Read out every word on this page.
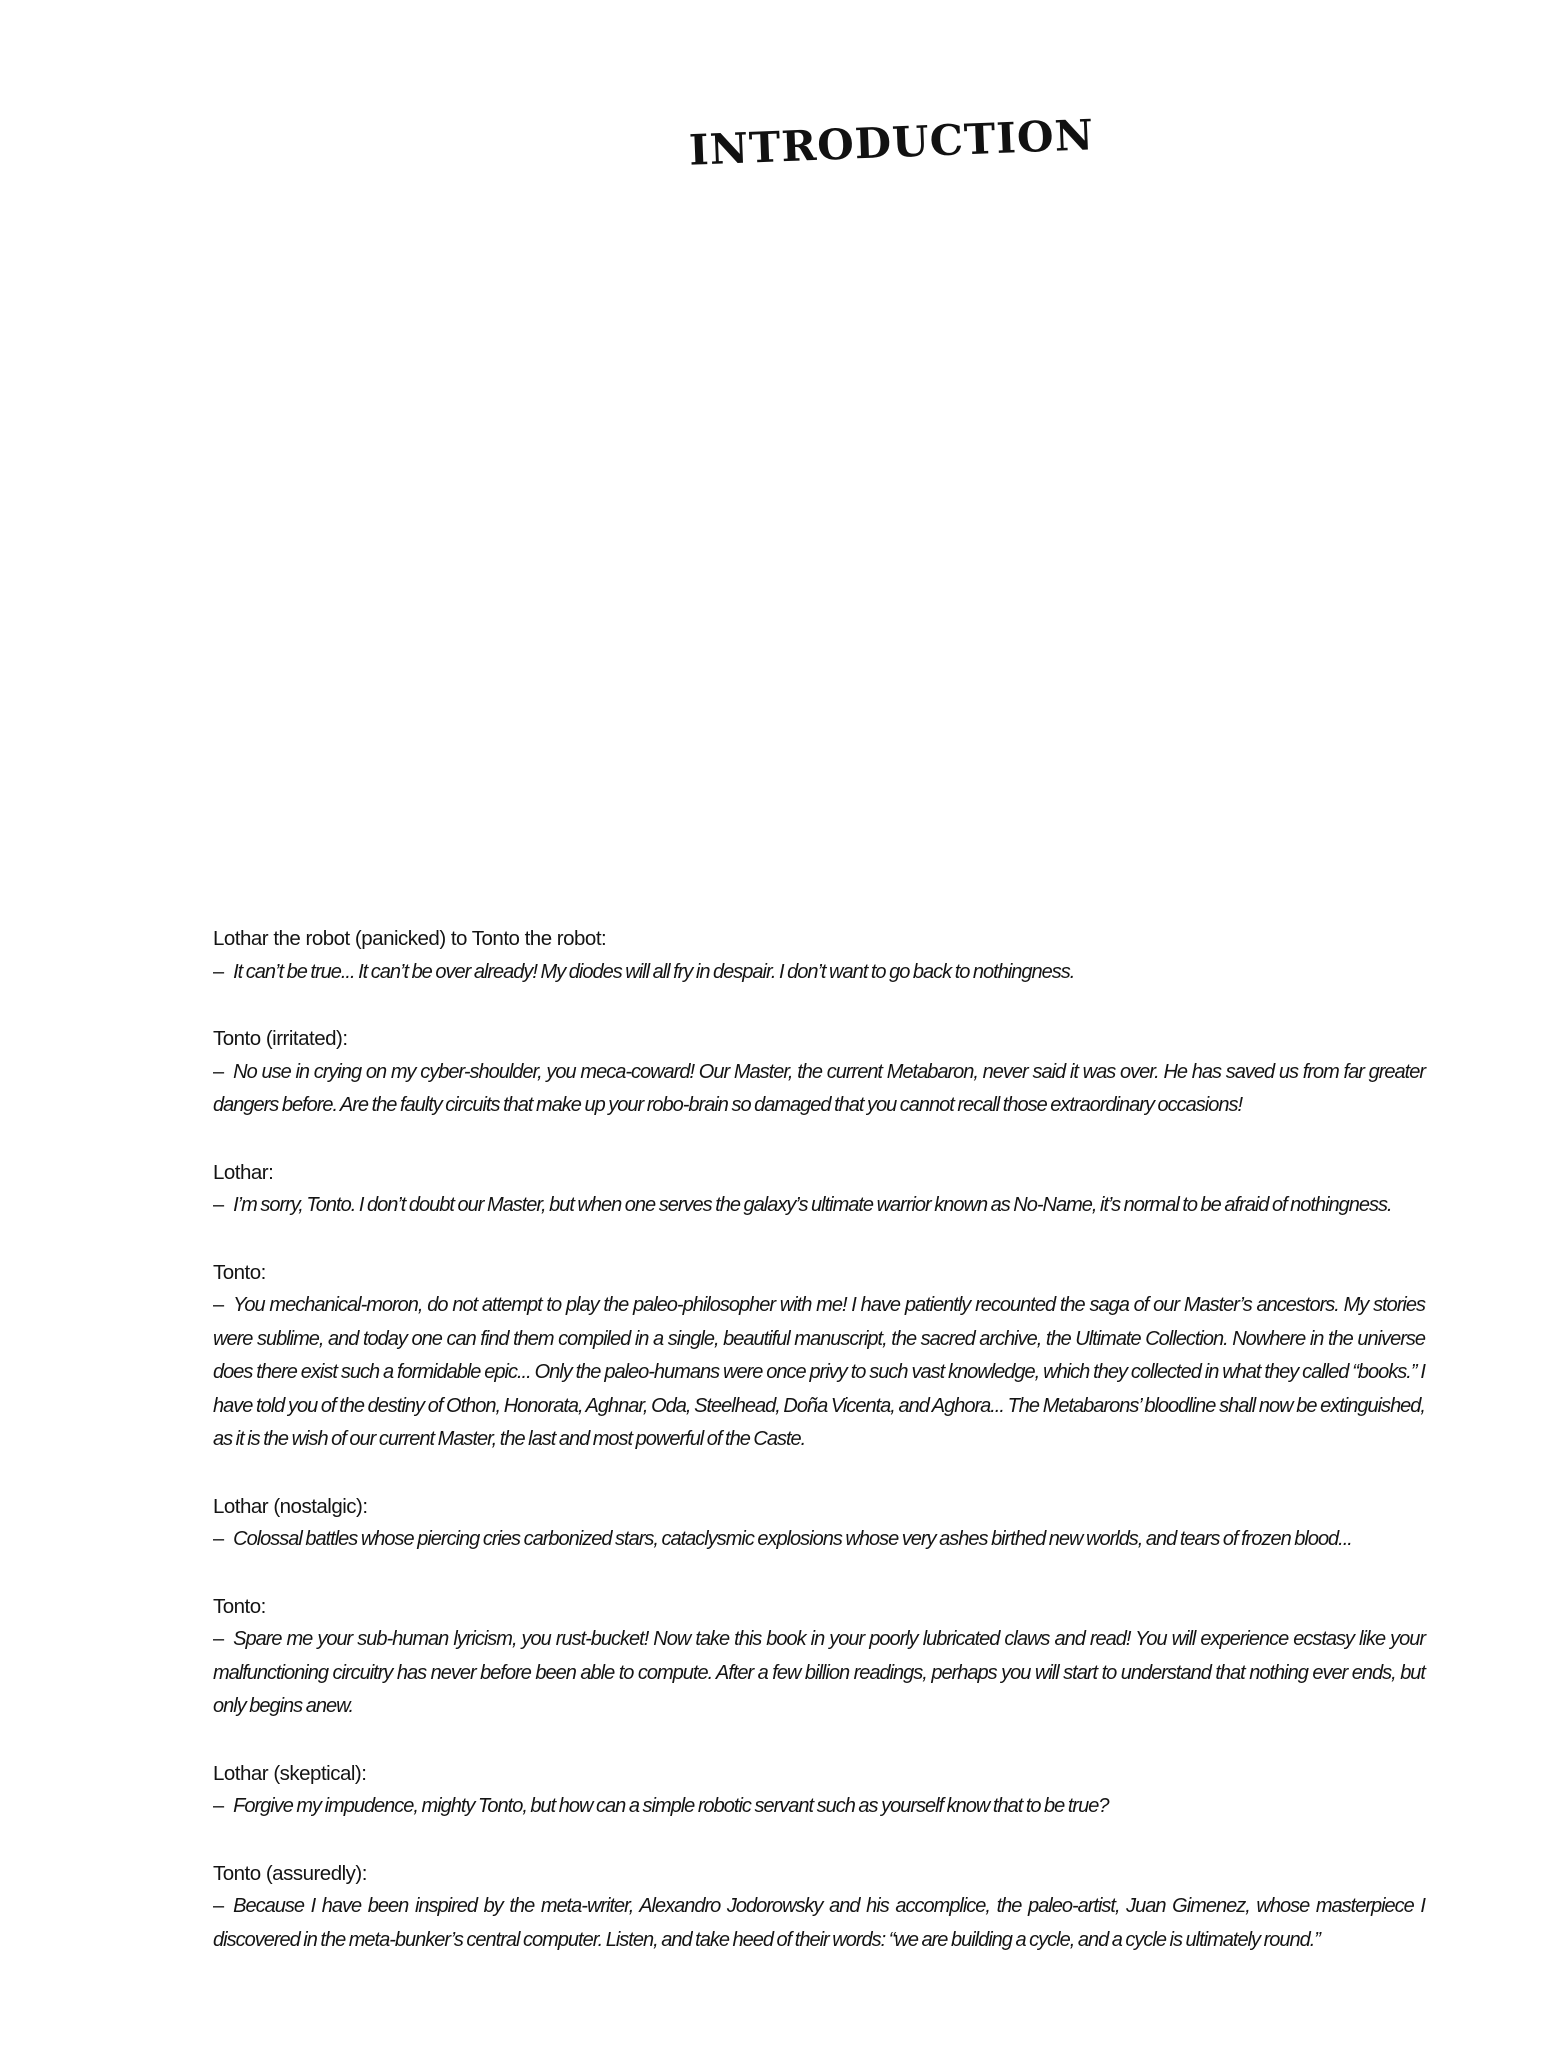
INTRODUCTION
Lothar the robot (panicked) to Tonto the robot:
– It can’t be true... It can’t be over already! My diodes will all fry in despair. I don’t want to go back to nothingness.
Tonto (irritated):
– No use in crying on my cyber-shoulder, you meca-coward! Our Master, the current Metabaron, never said it was over. He has saved us from far greater dangers before. Are the faulty circuits that make up your robo-brain so damaged that you cannot recall those extraordinary occasions!
Lothar:
– I’m sorry, Tonto. I don’t doubt our Master, but when one serves the galaxy’s ultimate warrior known as No-Name, it’s normal to be afraid of nothingness.
Tonto:
– You mechanical-moron, do not attempt to play the paleo-philosopher with me! I have patiently recounted the saga of our Master’s ancestors. My stories were sublime, and today one can find them compiled in a single, beautiful manuscript, the sacred archive, the Ultimate Collection. Nowhere in the universe does there exist such a formidable epic... Only the paleo-humans were once privy to such vast knowledge, which they collected in what they called “books.” I have told you of the destiny of Othon, Honorata, Aghnar, Oda, Steelhead, Doña Vicenta, and Aghora... The Metabarons’ bloodline shall now be extinguished, as it is the wish of our current Master, the last and most powerful of the Caste.
Lothar (nostalgic):
– Colossal battles whose piercing cries carbonized stars, cataclysmic explosions whose very ashes birthed new worlds, and tears of frozen blood...
Tonto:
– Spare me your sub-human lyricism, you rust-bucket! Now take this book in your poorly lubricated claws and read! You will experience ecstasy like your malfunctioning circuitry has never before been able to compute. After a few billion readings, perhaps you will start to understand that nothing ever ends, but only begins anew.
Lothar (skeptical):
– Forgive my impudence, mighty Tonto, but how can a simple robotic servant such as yourself know that to be true?
Tonto (assuredly):
– Because I have been inspired by the meta-writer, Alexandro Jodorowsky and his accomplice, the paleo-artist, Juan Gimenez, whose masterpiece I discovered in the meta-bunker’s central computer. Listen, and take heed of their words: “we are building a cycle, and a cycle is ultimately round.”
